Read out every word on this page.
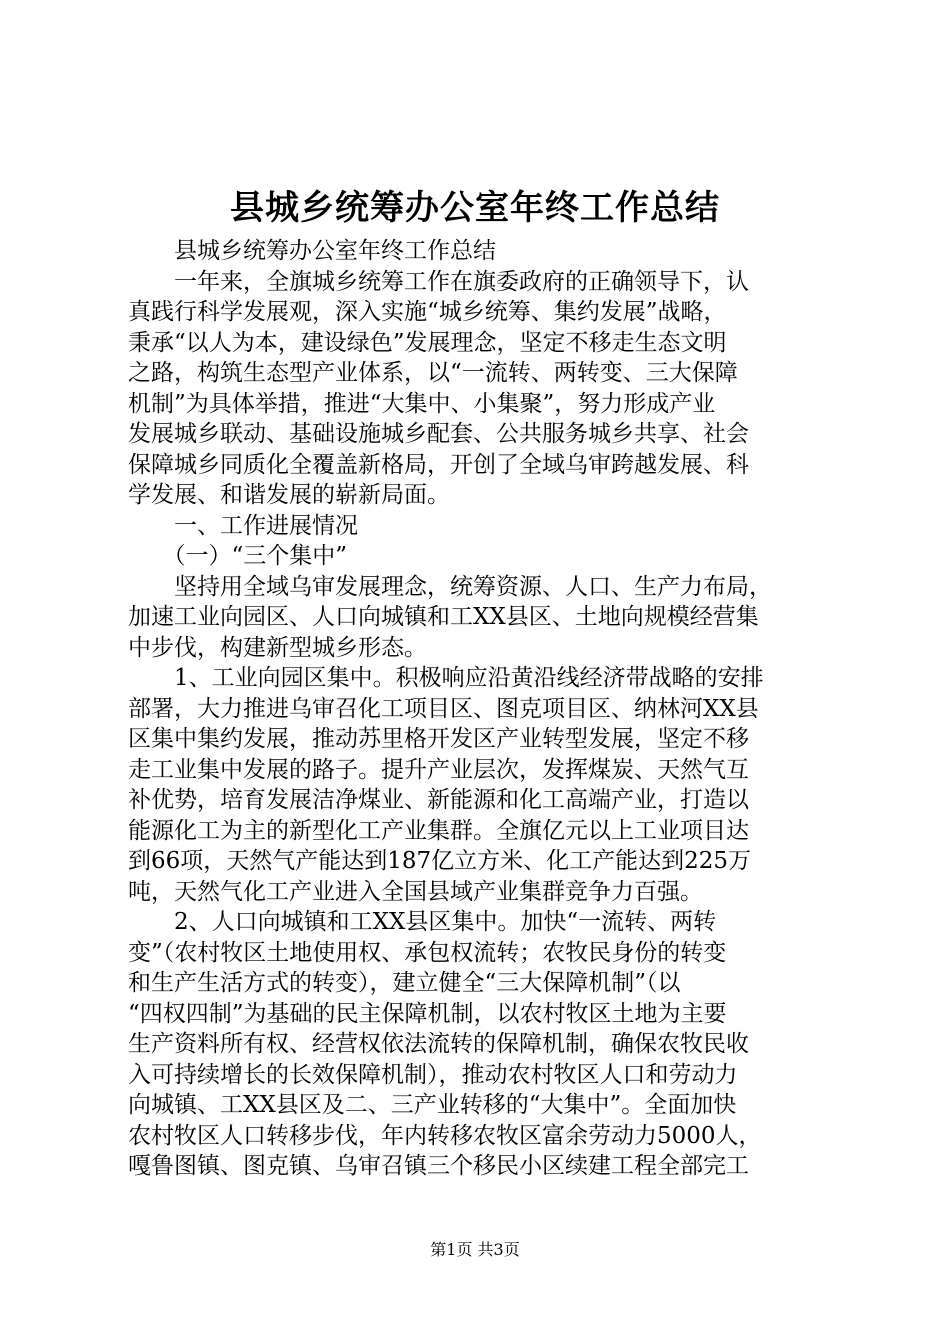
县城乡统筹办公室年终工作总结
　　县城乡统筹办公室年终工作总结
　　一年来，全旗城乡统筹工作在旗委政府的正确领导下，认
真践行科学发展观，深入实施“城乡统筹、集约发展”战略，
秉承“以人为本，建设绿色”发展理念，坚定不移走生态文明
之路，构筑生态型产业体系，以“一流转、两转变、三大保障
机制”为具体举措，推进“大集中、小集聚”，努力形成产业
发展城乡联动、基础设施城乡配套、公共服务城乡共享、社会
保障城乡同质化全覆盖新格局，开创了全域乌审跨越发展、科
学发展、和谐发展的崭新局面。
　　一、工作进展情况
　　（一）“三个集中”
　　坚持用全域乌审发展理念，统筹资源、人口、生产力布局，
加速工业向园区、人口向城镇和工XX县区、土地向规模经营集
中步伐，构建新型城乡形态。
　　1、工业向园区集中。积极响应沿黄沿线经济带战略的安排
部署，大力推进乌审召化工项目区、图克项目区、纳林河XX县
区集中集约发展，推动苏里格开发区产业转型发展，坚定不移
走工业集中发展的路子。提升产业层次，发挥煤炭、天然气互
补优势，培育发展洁净煤业、新能源和化工高端产业，打造以
能源化工为主的新型化工产业集群。全旗亿元以上工业项目达
到66项，天然气产能达到187亿立方米、化工产能达到225万
吨，天然气化工产业进入全国县域产业集群竞争力百强。
　　2、人口向城镇和工XX县区集中。加快“一流转、两转
变”（农村牧区土地使用权、承包权流转；农牧民身份的转变
和生产生活方式的转变），建立健全“三大保障机制”（以
“四权四制”为基础的民主保障机制，以农村牧区土地为主要
生产资料所有权、经营权依法流转的保障机制，确保农牧民收
入可持续增长的长效保障机制），推动农村牧区人口和劳动力
向城镇、工XX县区及二、三产业转移的“大集中”。全面加快
农村牧区人口转移步伐，年内转移农牧区富余劳动力5000人，
嘎鲁图镇、图克镇、乌审召镇三个移民小区续建工程全部完工
第1页 共3页
